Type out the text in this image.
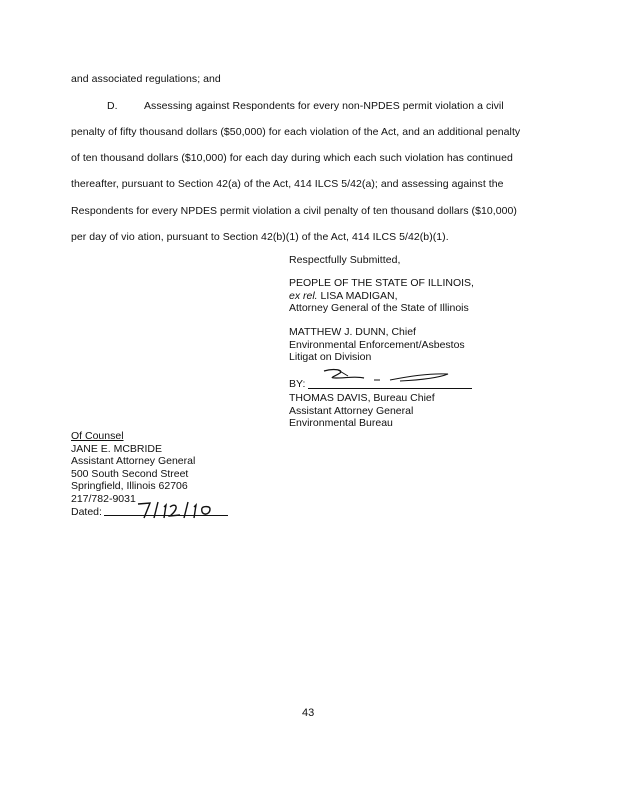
and associated regulations; and
D.	Assessing against Respondents for every non-NPDES permit violation a civil
penalty of fifty thousand dollars ($50,000) for each violation of the Act, and an additional penalty
of ten thousand dollars ($10,000) for each day during which each such violation has continued
thereafter, pursuant to Section 42(a) of the Act, 414 ILCS 5/42(a); and assessing against the
Respondents for every NPDES permit violation a civil penalty of ten thousand dollars ($10,000)
per day of vio ation, pursuant to Section 42(b)(1) of the Act, 414 ILCS 5/42(b)(1).
Respectfully Submitted,
PEOPLE OF THE STATE OF ILLINOIS,
ex rel. LISA MADIGAN,
Attorney General of the State of Illinois
MATTHEW J. DUNN, Chief
Environmental Enforcement/Asbestos
Litigat on Division
BY:
THOMAS DAVIS, Bureau Chief
Assistant Attorney General
Environmental Bureau
Of Counsel
JANE E. MCBRIDE
Assistant Attorney General
500 South Second Street
Springfield, Illinois 62706
217/782-9031
Dated:
43
